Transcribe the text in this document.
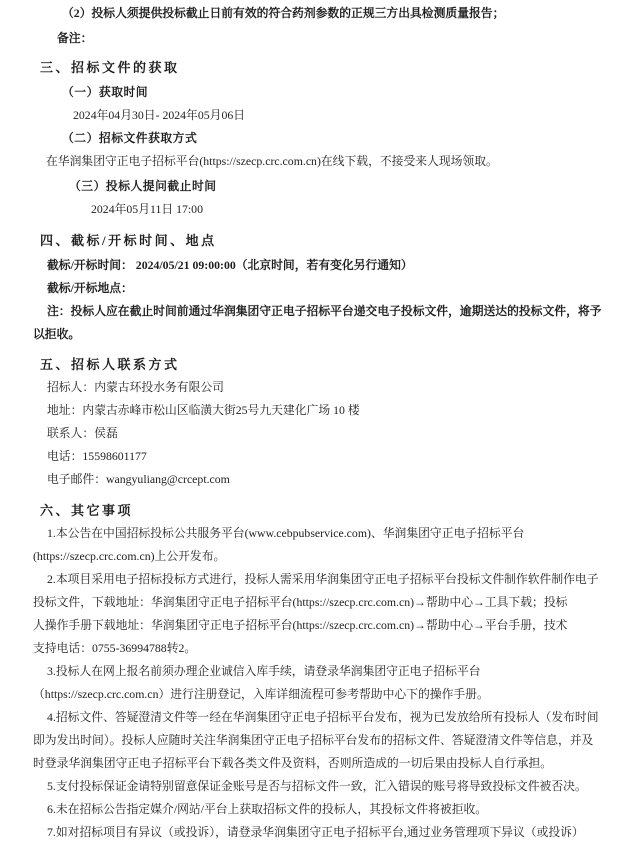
（2）投标人须提供投标截止日前有效的符合药剂参数的正规三方出具检测质量报告；
备注：
三、招标文件的获取
（一）获取时间
2024年04月30日- 2024年05月06日
（二）招标文件获取方式
在华润集团守正电子招标平台(https://szecp.crc.com.cn)在线下载，不接受来人现场领取。
（三）投标人提问截止时间
2024年05月11日 17:00
四、截标/开标时间、地点
截标/开标时间： 2024/05/21 09:00:00（北京时间，若有变化另行通知）
截标/开标地点：
注：投标人应在截止时间前通过华润集团守正电子招标平台递交电子投标文件，逾期送达的投标文件，将予
以拒收。
五、招标人联系方式
招标人：内蒙古环投水务有限公司
地址：内蒙古赤峰市松山区临潢大街25号九天建化广场 10 楼
联系人：侯磊
电话：15598601177
电子邮件：wangyuliang@crcept.com
六、其它事项
1.本公告在中国招标投标公共服务平台(www.cebpubservice.com)、华润集团守正电子招标平台
(https://szecp.crc.com.cn)上公开发布。
2.本项目采用电子招标投标方式进行，投标人需采用华润集团守正电子招标平台投标文件制作软件制作电子
投标文件，下载地址：华润集团守正电子招标平台(https://szecp.crc.com.cn)→帮助中心→工具下载；投标
人操作手册下载地址：华润集团守正电子招标平台(https://szecp.crc.com.cn)→帮助中心→平台手册，技术
支持电话：0755-36994788转2。
3.投标人在网上报名前须办理企业诚信入库手续，请登录华润集团守正电子招标平台
（https://szecp.crc.com.cn）进行注册登记，入库详细流程可参考帮助中心下的操作手册。
4.招标文件、答疑澄清文件等一经在华润集团守正电子招标平台发布，视为已发放给所有投标人（发布时间
即为发出时间）。投标人应随时关注华润集团守正电子招标平台发布的招标文件、答疑澄清文件等信息，并及
时登录华润集团守正电子招标平台下载各类文件及资料，否则所造成的一切后果由投标人自行承担。
5.支付投标保证金请特别留意保证金账号是否与招标文件一致，汇入错误的账号将导致投标文件被否决。
6.未在招标公告指定媒介/网站/平台上获取招标文件的投标人，其投标文件将被拒收。
7.如对招标项目有异议（或投诉），请登录华润集团守正电子招标平台,通过业务管理项下异议（或投诉）
